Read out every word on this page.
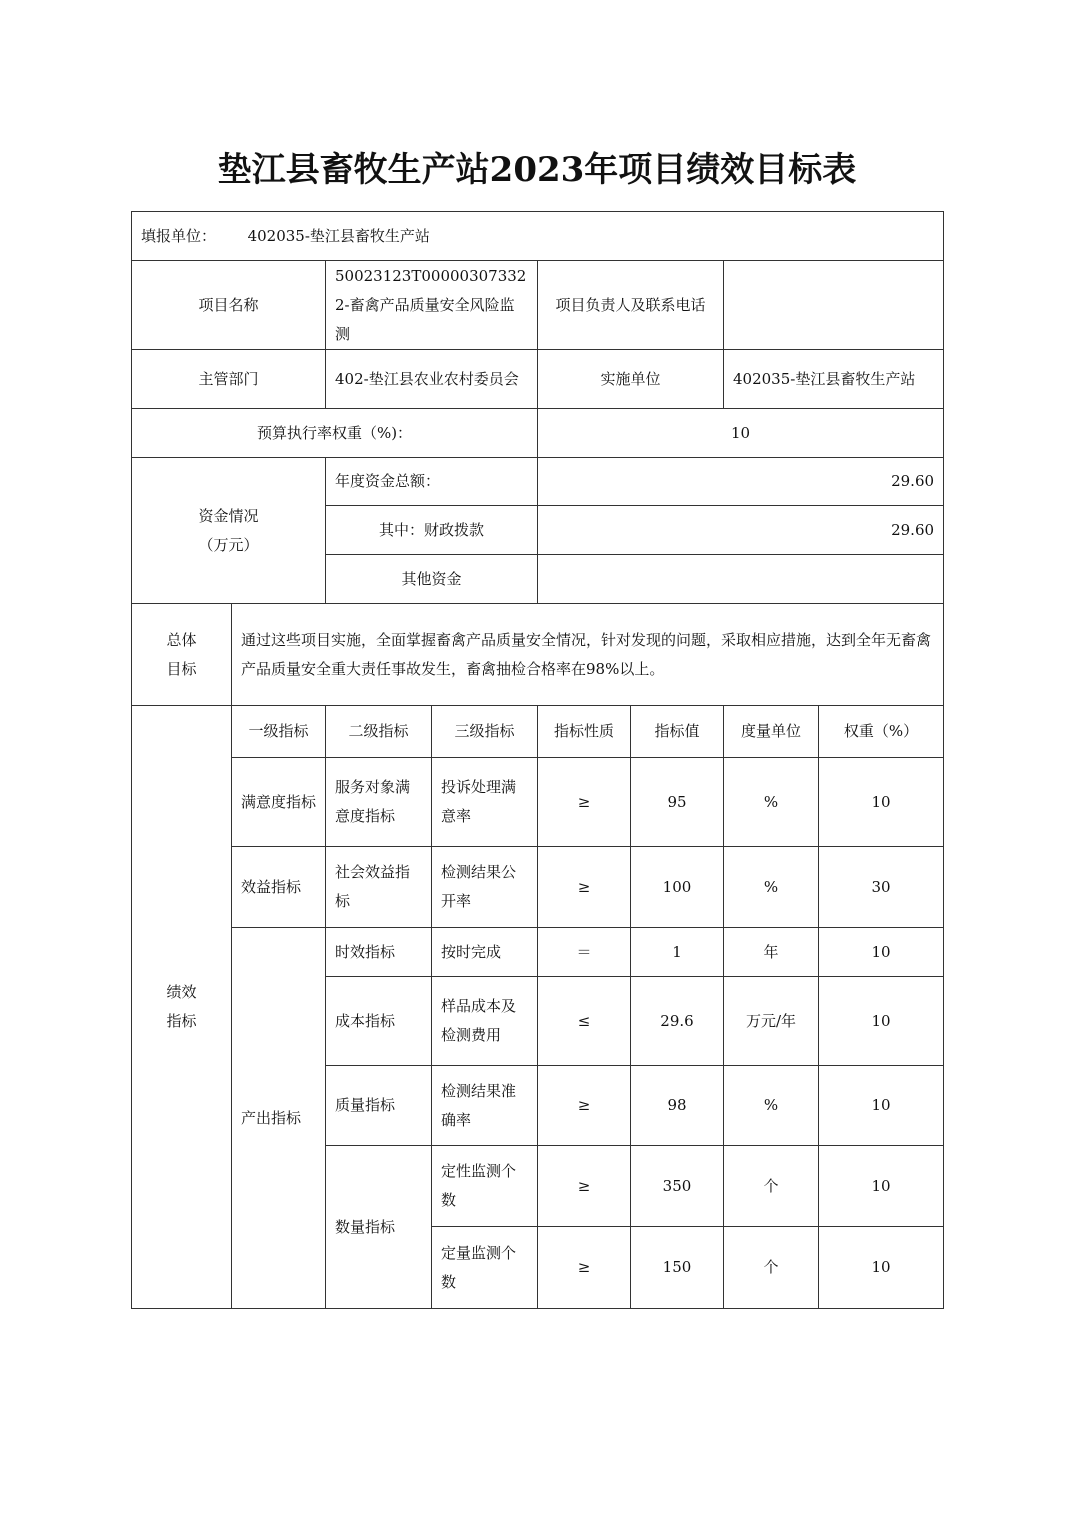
垫江县畜牧生产站2023年项目绩效目标表
填报单位： 402035-垫江县畜牧生产站							
项目名称		50023123T000003073322-畜禽产品质量安全风险监测		项目负责人及联系电话			
主管部门		402-垫江县农业农村委员会		实施单位		402035-垫江县畜牧生产站	
预算执行率权重（%)：				10			

资金情况
（万元）		年度资金总额：		29.60			
		其中：财政拨款		29.60			
		其他资金					

总体
目标	通过这些项目实施，全面掌握畜禽产品质量安全情况，针对发现的问题，采取相应措施，达到全年无畜禽产品质量安全重大责任事故发生，畜禽抽检合格率在98%以上。						

绩效
指标	一级指标	二级指标	三级指标	指标性质	指标值	度量单位	权重（%）
	满意度指标	服务对象满意度指标	投诉处理满意率	≥	95	%	10
	效益指标	社会效益指标	检测结果公开率	≥	100	%	30
	产出指标	时效指标	按时完成	＝	1	年	10
		成本指标	样品成本及检测费用	≤	29.6	万元/年	10
		质量指标	检测结果准确率	≥	98	%	10
		数量指标	定性监测个数	≥	350	个	10
			定量监测个数	≥	150	个	10
